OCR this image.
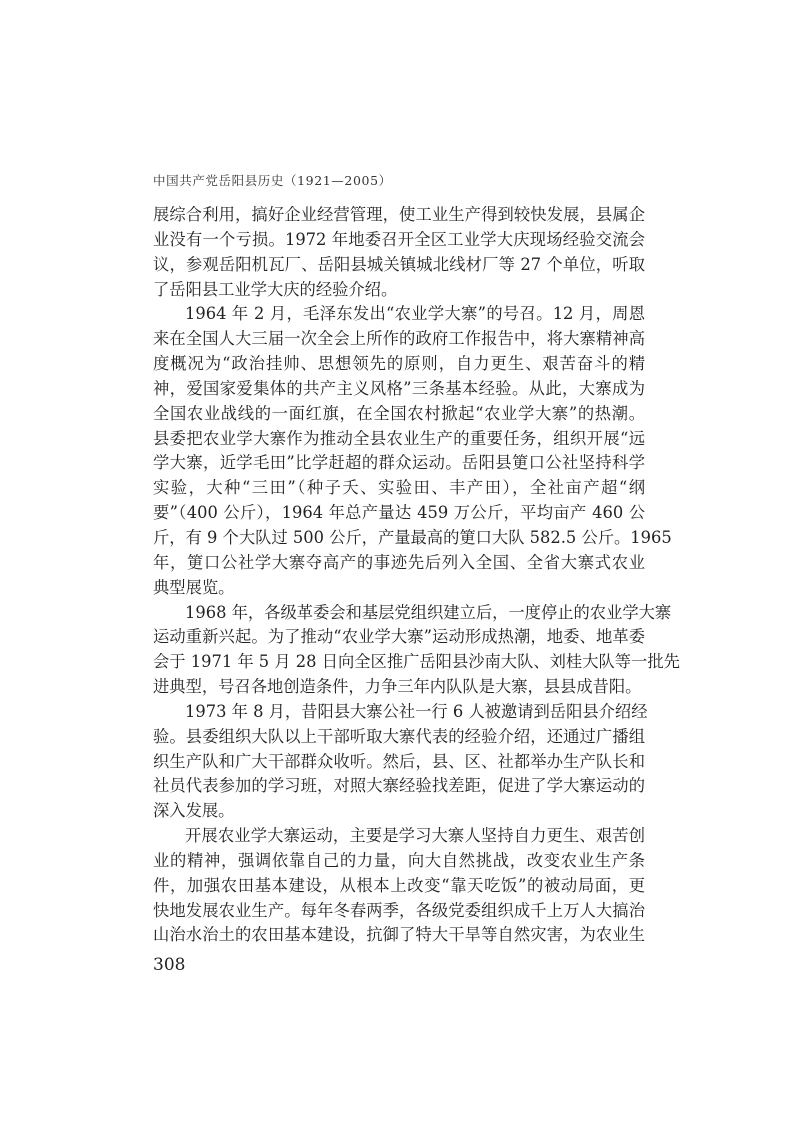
中国共产党岳阳县历史（1921—2005）
展综合利用，搞好企业经营管理，使工业生产得到较快发展，县属企
业没有一个亏损。1972 年地委召开全区工业学大庆现场经验交流会
议，参观岳阳机瓦厂、岳阳县城关镇城北线材厂等 27 个单位，听取
了岳阳县工业学大庆的经验介绍。
1964 年 2 月，毛泽东发出“农业学大寨”的号召。12 月，周恩
来在全国人大三届一次全会上所作的政府工作报告中，将大寨精神高
度概况为“政治挂帅、思想领先的原则，自力更生、艰苦奋斗的精
神，爱国家爱集体的共产主义风格”三条基本经验。从此，大寨成为
全国农业战线的一面红旗，在全国农村掀起“农业学大寨”的热潮。
县委把农业学大寨作为推动全县农业生产的重要任务，组织开展“远
学大寨，近学毛田”比学赶超的群众运动。岳阳县筻口公社坚持科学
实验，大种“三田”（种子夭、实验田、丰产田），全社亩产超“纲
要”（400 公斤），1964 年总产量达 459 万公斤，平均亩产 460 公
斤，有 9 个大队过 500 公斤，产量最高的筻口大队 582.5 公斤。1965
年，筻口公社学大寨夺高产的事迹先后列入全国、全省大寨式农业
典型展览。
1968 年，各级革委会和基层党组织建立后，一度停止的农业学大寨
运动重新兴起。为了推动“农业学大寨”运动形成热潮，地委、地革委
会于 1971 年 5 月 28 日向全区推广岳阳县沙南大队、刘桂大队等一批先
进典型，号召各地创造条件，力争三年内队队是大寨，县县成昔阳。
1973 年 8 月，昔阳县大寨公社一行 6 人被邀请到岳阳县介绍经
验。县委组织大队以上干部听取大寨代表的经验介绍，还通过广播组
织生产队和广大干部群众收听。然后，县、区、社都举办生产队长和
社员代表参加的学习班，对照大寨经验找差距，促进了学大寨运动的
深入发展。
开展农业学大寨运动，主要是学习大寨人坚持自力更生、艰苦创
业的精神，强调依靠自己的力量，向大自然挑战，改变农业生产条
件，加强农田基本建设，从根本上改变“靠天吃饭”的被动局面，更
快地发展农业生产。每年冬春两季，各级党委组织成千上万人大搞治
山治水治土的农田基本建设，抗御了特大干旱等自然灾害，为农业生
308
